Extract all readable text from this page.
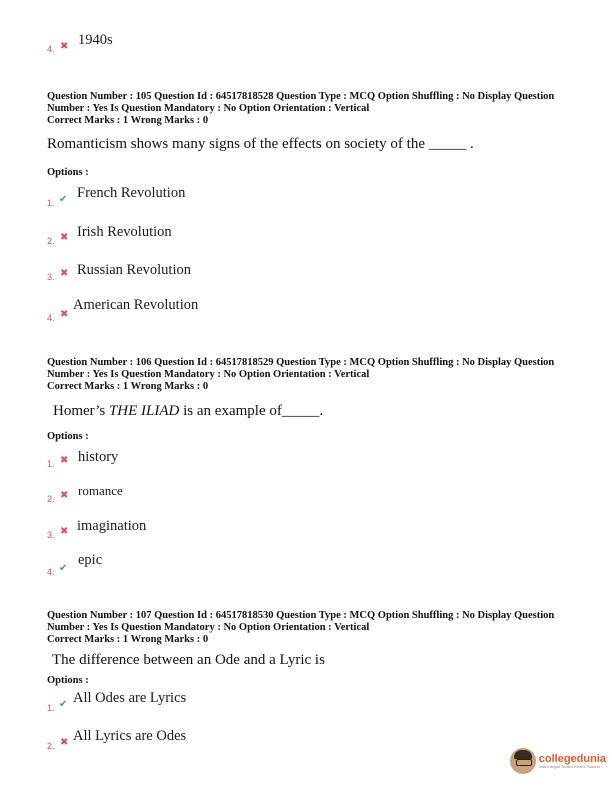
4. ✖ 1940s
Question Number : 105 Question Id : 64517818528 Question Type : MCQ Option Shuffling : No Display Question
Number : Yes Is Question Mandatory : No Option Orientation : Vertical
Correct Marks : 1 Wrong Marks : 0
Romanticism shows many signs of the effects on society of the _____ .
Options :
1. ✔ French Revolution
2. ✖ Irish Revolution
3. ✖ Russian Revolution
4. ✖
American Revolution
Question Number : 106 Question Id : 64517818529 Question Type : MCQ Option Shuffling : No Display Question
Number : Yes Is Question Mandatory : No Option Orientation : Vertical
Correct Marks : 1 Wrong Marks : 0
Homer’s THE ILIAD is an example of_____.
Options :
1. ✖ history
2. ✖ romance
3. ✖ imagination
4. ✔
epic
Question Number : 107 Question Id : 64517818530 Question Type : MCQ Option Shuffling : No Display Question
Number : Yes Is Question Mandatory : No Option Orientation : Vertical
Correct Marks : 1 Wrong Marks : 0
The difference between an Ode and a Lyric is
Options :
1. ✔ All Odes are Lyrics
2. ✖ All Lyrics are Odes
collegedunia
India's largest Student Review Platform
